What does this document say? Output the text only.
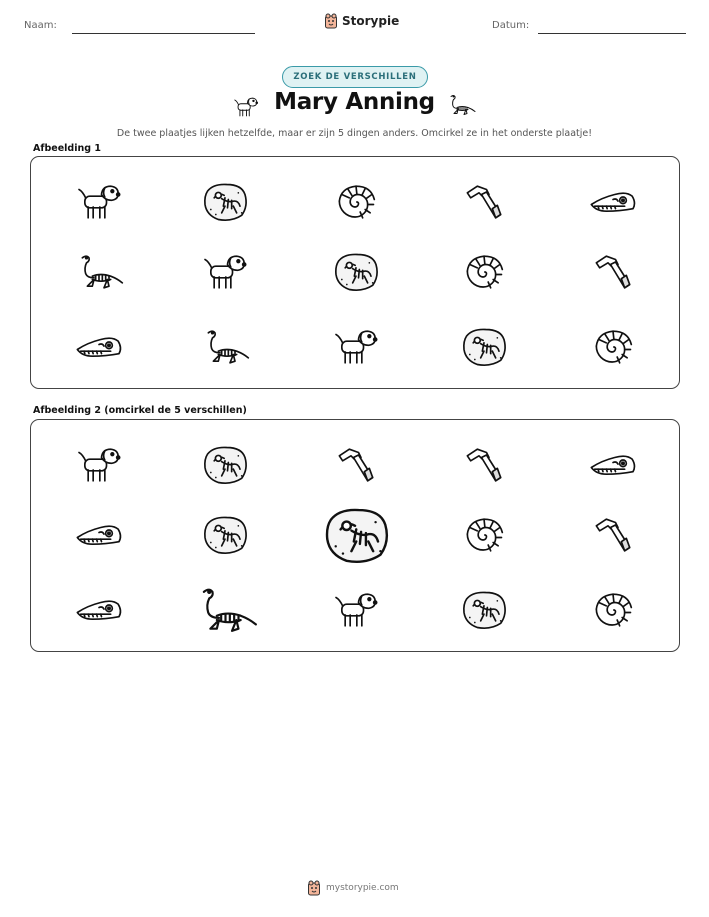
Naam:	Storypie	Datum:
ZOEK DE VERSCHILLEN
Mary Anning
De twee plaatjes lijken hetzelfde, maar er zijn 5 dingen anders. Omcirkel ze in het onderste plaatje!
Afbeelding 1
Afbeelding 2 (omcirkel de 5 verschillen)
mystorypie.com
